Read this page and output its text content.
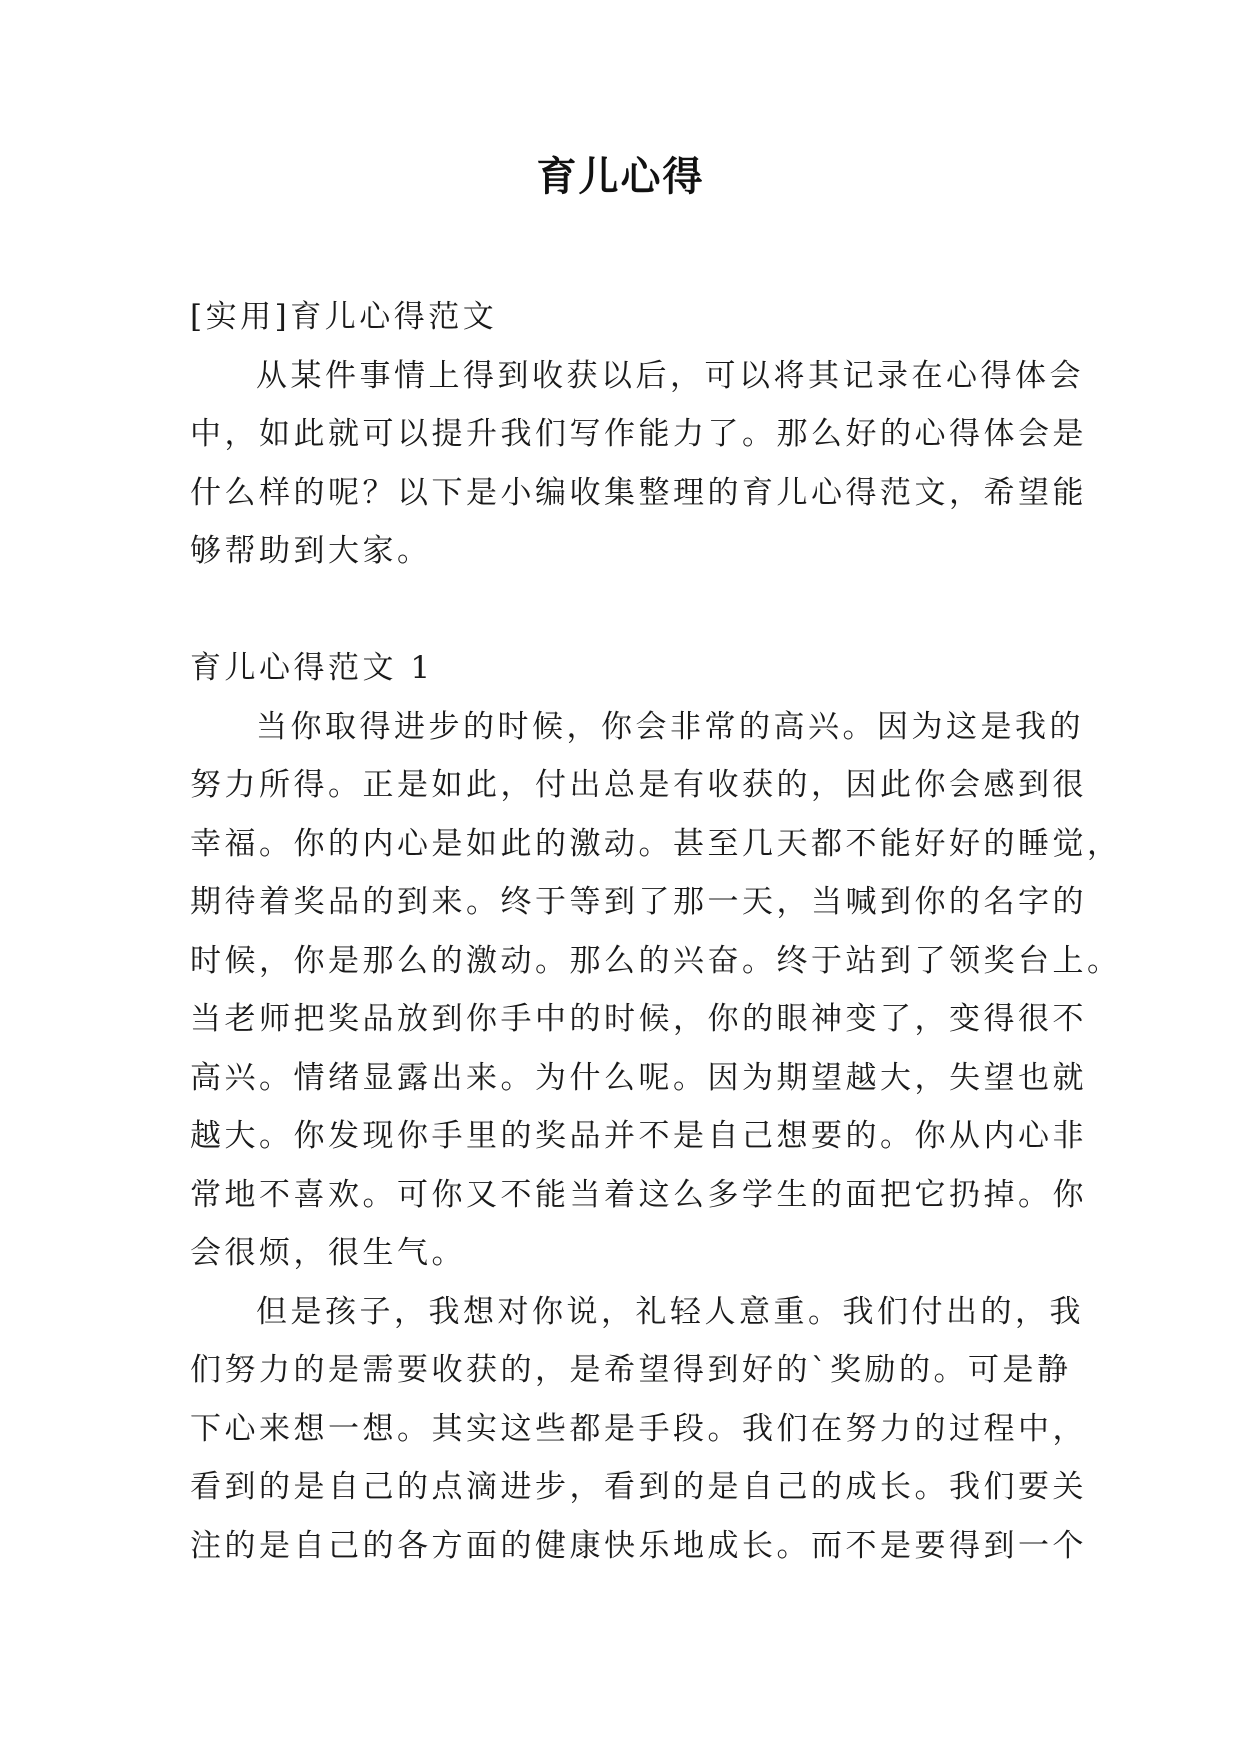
育儿心得
[实用]育儿心得范文
从某件事情上得到收获以后，可以将其记录在心得体会
中，如此就可以提升我们写作能力了。那么好的心得体会是
什么样的呢？以下是小编收集整理的育儿心得范文，希望能
够帮助到大家。
育儿心得范文 1
当你取得进步的时候，你会非常的高兴。因为这是我的
努力所得。正是如此，付出总是有收获的，因此你会感到很
幸福。你的内心是如此的激动。甚至几天都不能好好的睡觉，
期待着奖品的到来。终于等到了那一天，当喊到你的名字的
时候，你是那么的激动。那么的兴奋。终于站到了领奖台上。
当老师把奖品放到你手中的时候，你的眼神变了，变得很不
高兴。情绪显露出来。为什么呢。因为期望越大，失望也就
越大。你发现你手里的奖品并不是自己想要的。你从内心非
常地不喜欢。可你又不能当着这么多学生的面把它扔掉。你
会很烦，很生气。
但是孩子，我想对你说，礼轻人意重。我们付出的，我
们努力的是需要收获的，是希望得到好的`奖励的。可是静
下心来想一想。其实这些都是手段。我们在努力的过程中，
看到的是自己的点滴进步，看到的是自己的成长。我们要关
注的是自己的各方面的健康快乐地成长。而不是要得到一个
